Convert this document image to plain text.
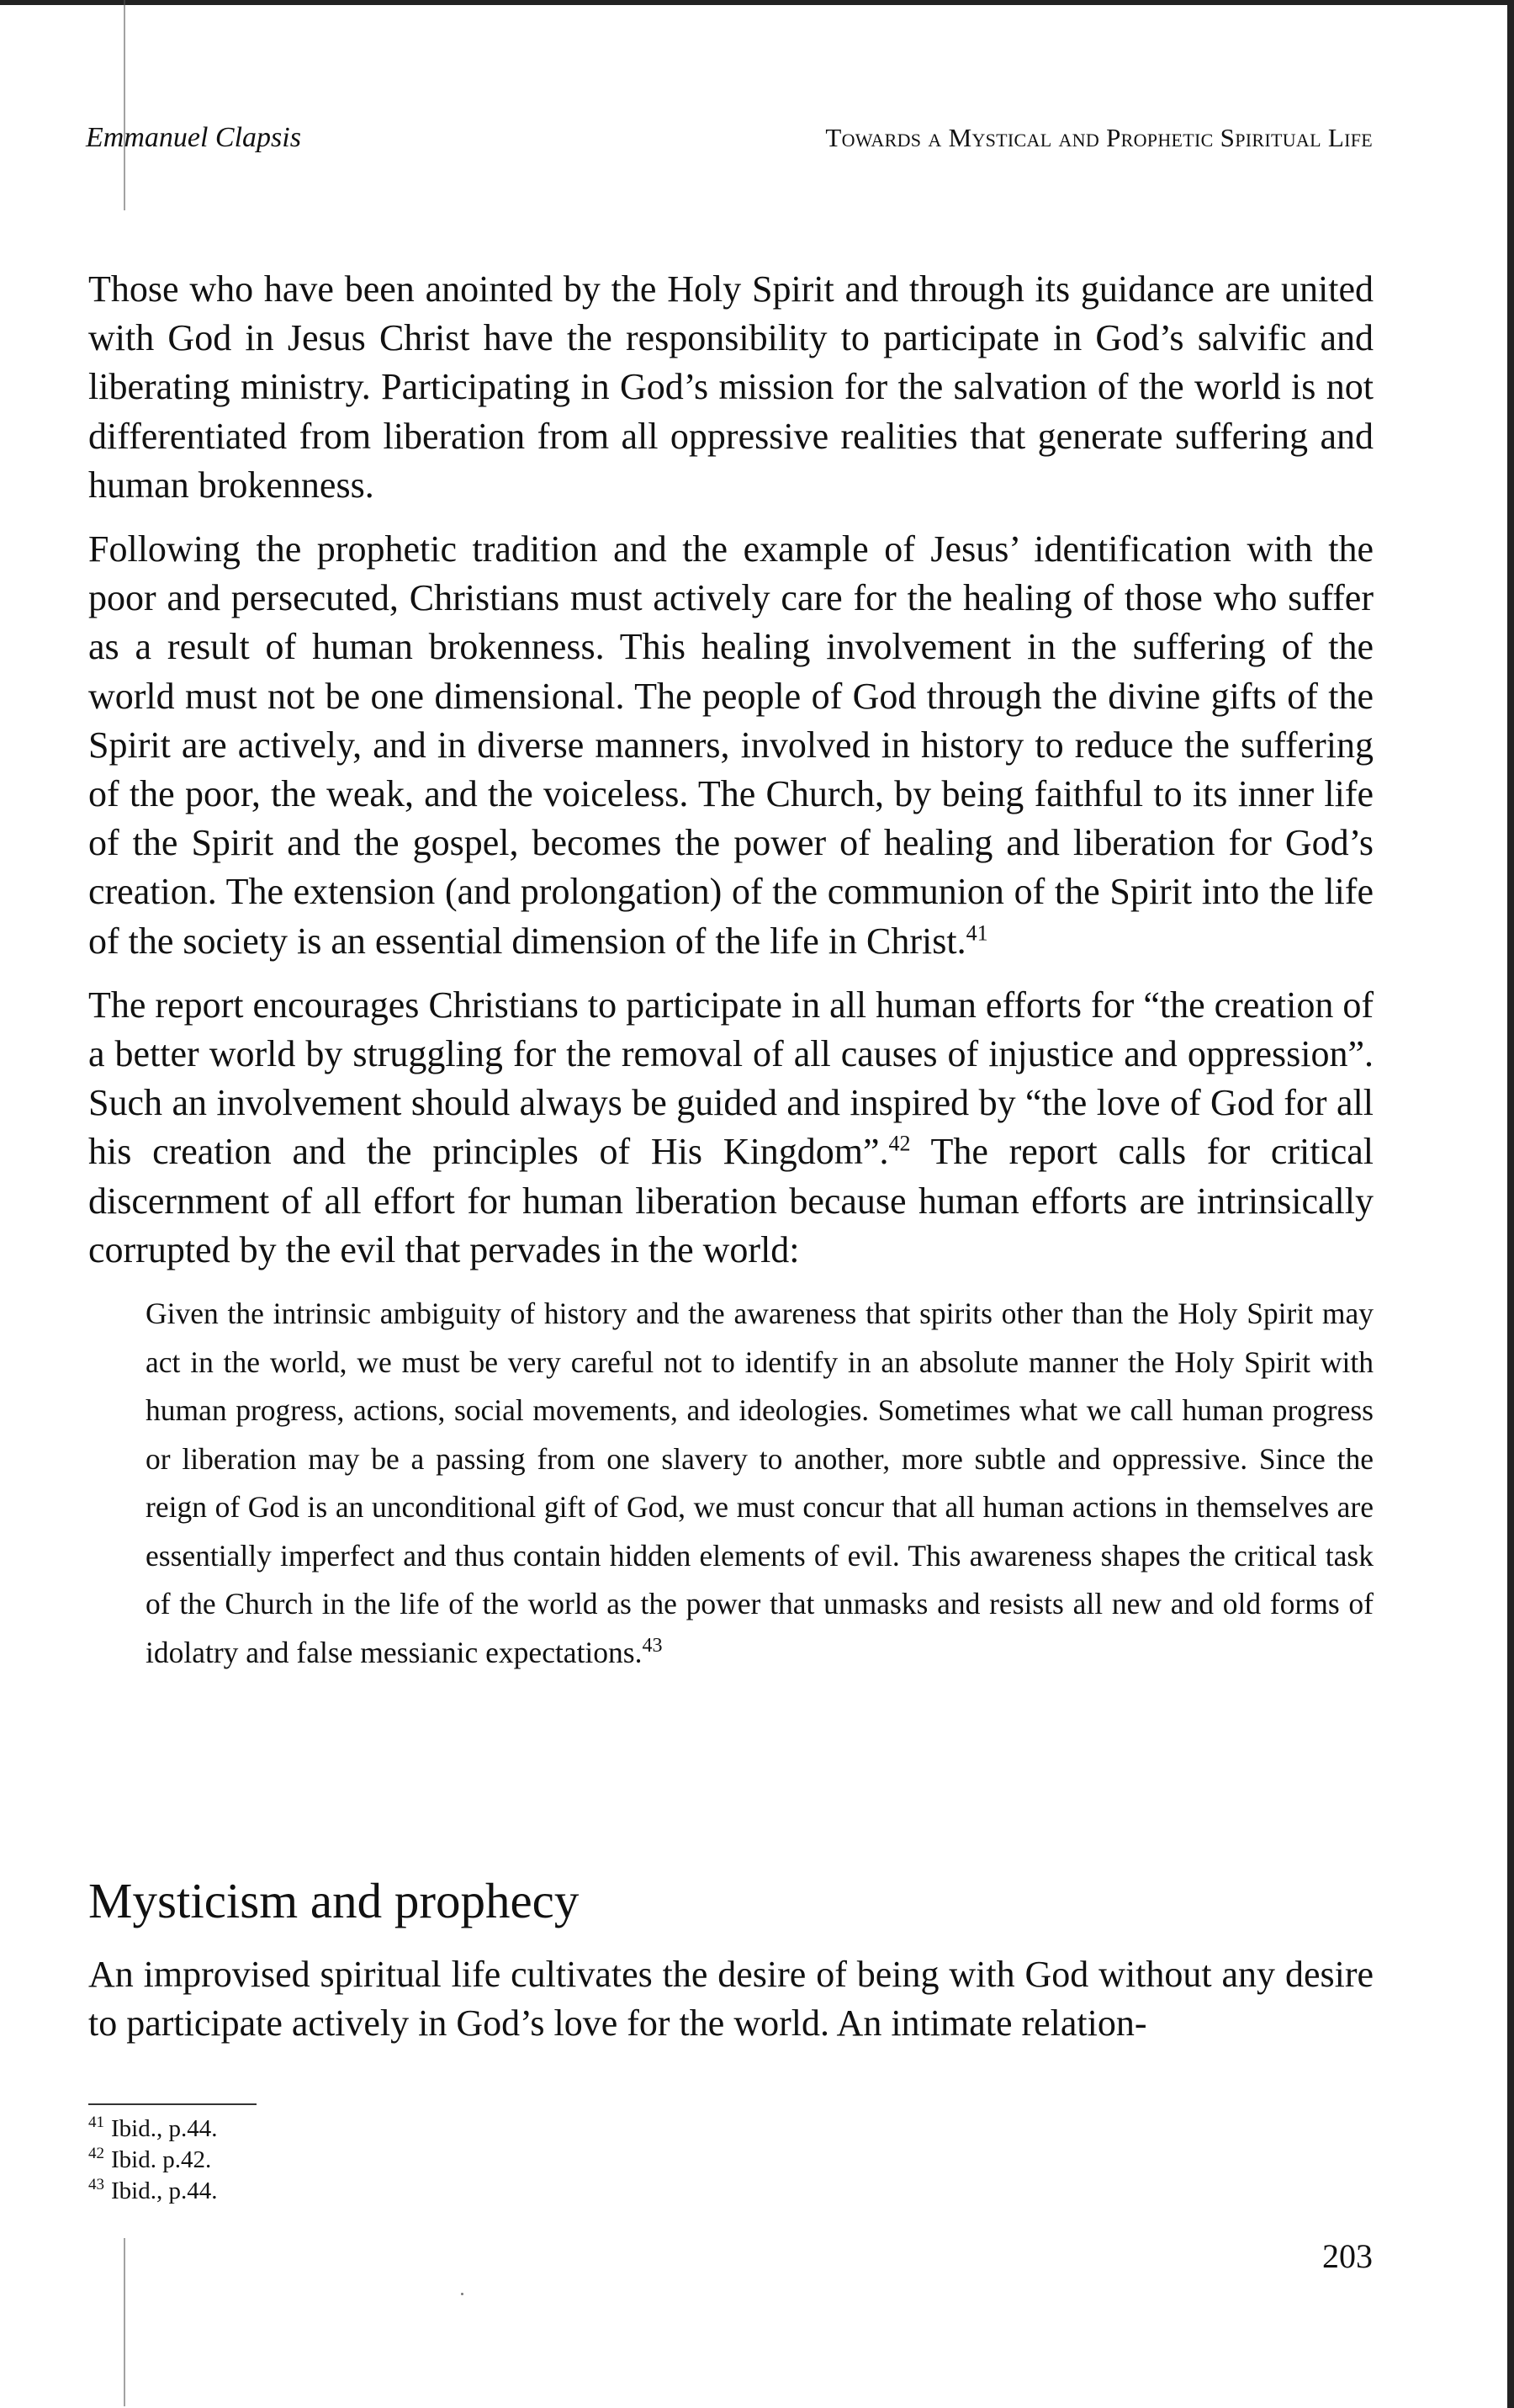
Emmanuel Clapsis	Towards a Mystical and Prophetic Spiritual Life

Those who have been anointed by the Holy Spirit and through its guidance are united with God in Jesus Christ have the responsibility to participate in God’s salvific and liberating ministry. Participating in God’s mission for the salvation of the world is not differentiated from liberation from all oppressive realities that generate suffering and human brokenness.

Following the prophetic tradition and the example of Jesus’ identification with the poor and persecuted, Christians must actively care for the healing of those who suffer as a result of human brokenness. This healing involvement in the suffering of the world must not be one dimensional. The people of God through the divine gifts of the Spirit are actively, and in diverse manners, involved in history to reduce the suffering of the poor, the weak, and the voiceless. The Church, by being faithful to its inner life of the Spirit and the gospel, becomes the power of healing and liberation for God’s creation. The extension (and prolongation) of the communion of the Spirit into the life of the society is an essential dimension of the life in Christ.$^{41}$

The report encourages Christians to participate in all human efforts for “the creation of a better world by struggling for the removal of all causes of injustice and oppression”. Such an involvement should always be guided and inspired by “the love of God for all his creation and the principles of His Kingdom”.$^{42}$ The report calls for critical discernment of all effort for human liberation because human efforts are intrinsically corrupted by the evil that pervades in the world:

Given the intrinsic ambiguity of history and the awareness that spirits other than the Holy Spirit may act in the world, we must be very careful not to identify in an absolute manner the Holy Spirit with human progress, actions, social movements, and ideologies. Sometimes what we call human progress or liberation may be a passing from one slavery to another, more subtle and oppressive. Since the reign of God is an unconditional gift of God, we must concur that all human actions in themselves are essentially imperfect and thus contain hidden elements of evil. This awareness shapes the critical task of the Church in the life of the world as the power that unmasks and resists all new and old forms of idolatry and false messianic expectations.$^{43}$

Mysticism and prophecy

An improvised spiritual life cultivates the desire of being with God without any desire to participate actively in God’s love for the world. An intimate relation-

$^{41}$ Ibid., p.44.
$^{42}$ Ibid. p.42.
$^{43}$ Ibid., p.44.
203
